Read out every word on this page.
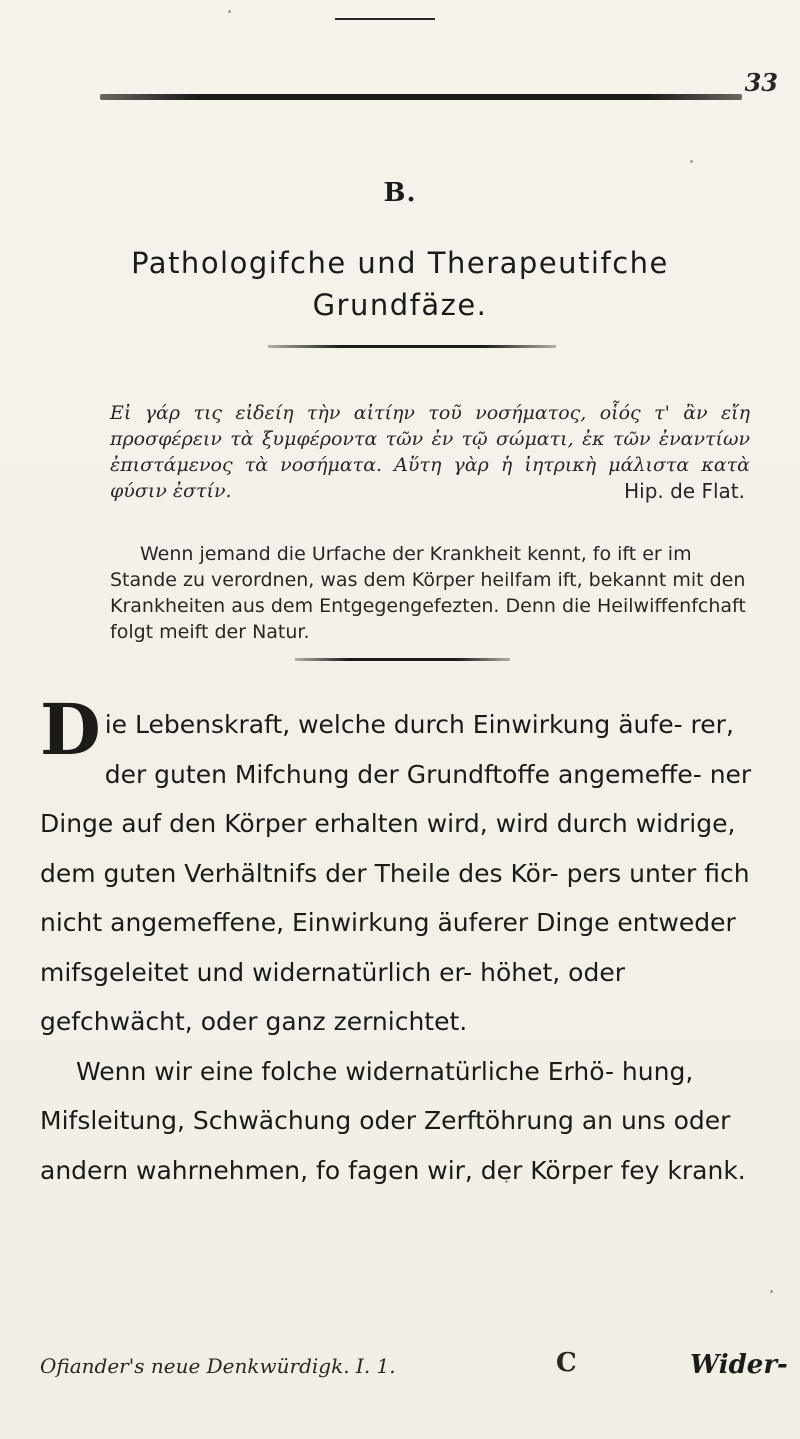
33
B.
Pathologifche und Therapeutifche
Grundfäze.
Εἰ γάρ τις εἰδείη τὴν αἰτίην τοῦ νοσήματος, οἷός τ' ἂν εἴη προσφέρειν τὰ ξυμφέροντα τῶν ἐν τῷ σώματι, ἐκ τῶν ἐναντίων ἐπιστάμενος τὰ νοσήματα. Αὕτη γὰρ ἡ ἰητρικὴ μάλιστα κατὰ φύσιν ἐστίν.	Hip. de Flat.
Wenn jemand die Urfache der Krankheit kennt, fo ift er im Stande zu verordnen, was dem Körper heilfam ift, bekannt mit den Krankheiten aus dem Entgegengefezten. Denn die Heilwiffenfchaft folgt meift der Natur.

Die Lebenskraft, welche durch Einwirkung äufe- rer, der guten Mifchung der Grundftoffe angemeffe- ner Dinge auf den Körper erhalten wird, wird durch widrige, dem guten Verhältnifs der Theile des Kör- pers unter fich nicht angemeffene, Einwirkung äuferer Dinge entweder mifsgeleitet und widernatürlich er- höhet, oder gefchwächt, oder ganz zernichtet.

Wenn wir eine folche widernatürliche Erhö- hung, Mifsleitung, Schwächung oder Zerftöhrung an uns oder andern wahrnehmen, fo fagen wir, der Körper fey krank.

Ofiander's neue Denkwürdigk. I. 1.	C	Wider-
